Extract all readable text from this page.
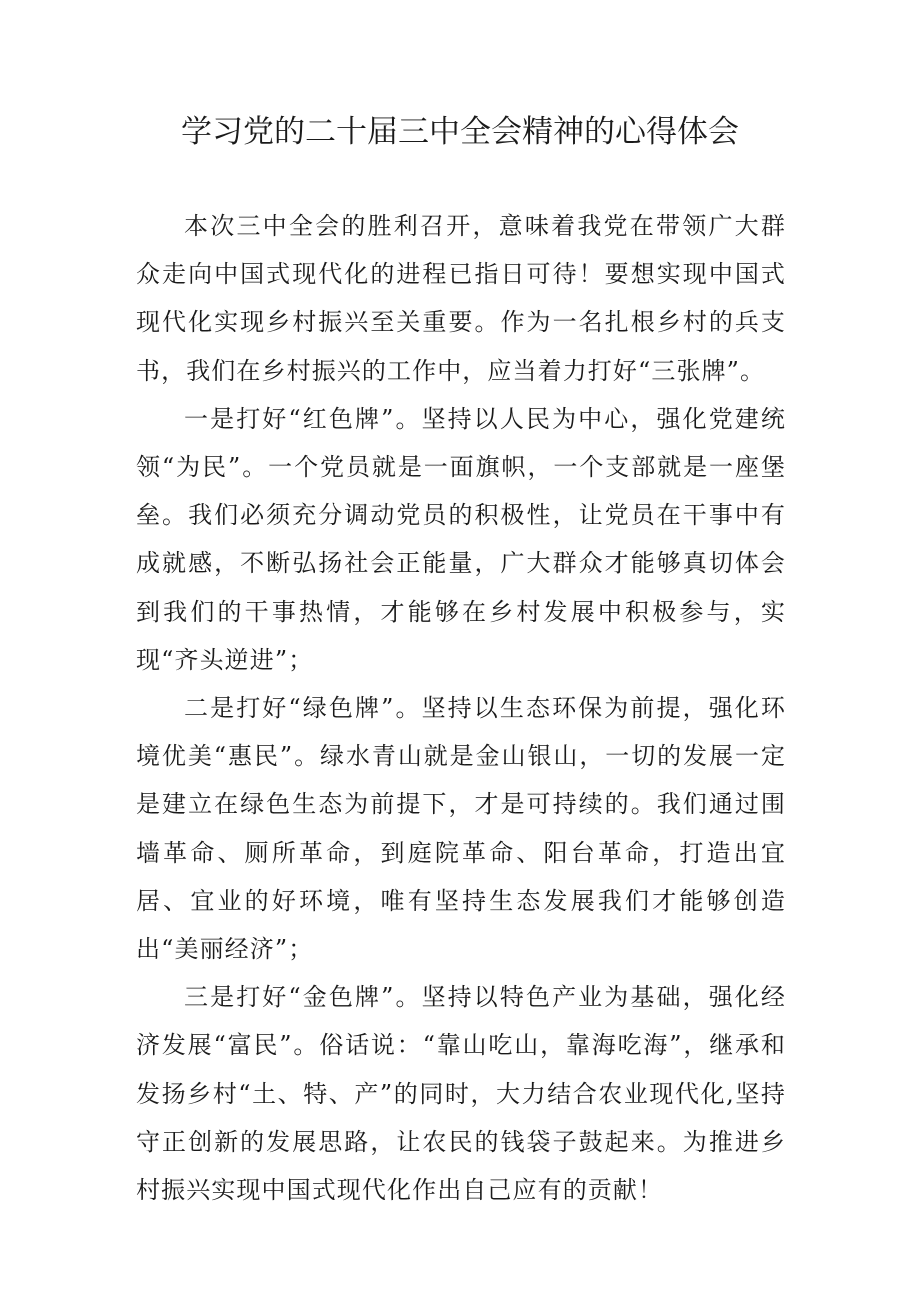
学习党的二十届三中全会精神的心得体会

本次三中全会的胜利召开，意味着我党在带领广大群众走向中国式现代化的进程已指日可待！要想实现中国式现代化实现乡村振兴至关重要。作为一名扎根乡村的兵支书，我们在乡村振兴的工作中，应当着力打好“三张牌”。

一是打好“红色牌”。坚持以人民为中心，强化党建统领“为民”。一个党员就是一面旗帜，一个支部就是一座堡垒。我们必须充分调动党员的积极性，让党员在干事中有成就感，不断弘扬社会正能量，广大群众才能够真切体会到我们的干事热情，才能够在乡村发展中积极参与，实现“齐头逆进”；

二是打好“绿色牌”。坚持以生态环保为前提，强化环境优美“惠民”。绿水青山就是金山银山，一切的发展一定是建立在绿色生态为前提下，才是可持续的。我们通过围墙革命、厕所革命，到庭院革命、阳台革命，打造出宜居、宜业的好环境，唯有坚持生态发展我们才能够创造出“美丽经济”；

三是打好“金色牌”。坚持以特色产业为基础，强化经济发展“富民”。俗话说：“靠山吃山，靠海吃海”，继承和发扬乡村“土、特、产”的同时，大力结合农业现代化,坚持守正创新的发展思路，让农民的钱袋子鼓起来。为推进乡村振兴实现中国式现代化作出自己应有的贡献！
